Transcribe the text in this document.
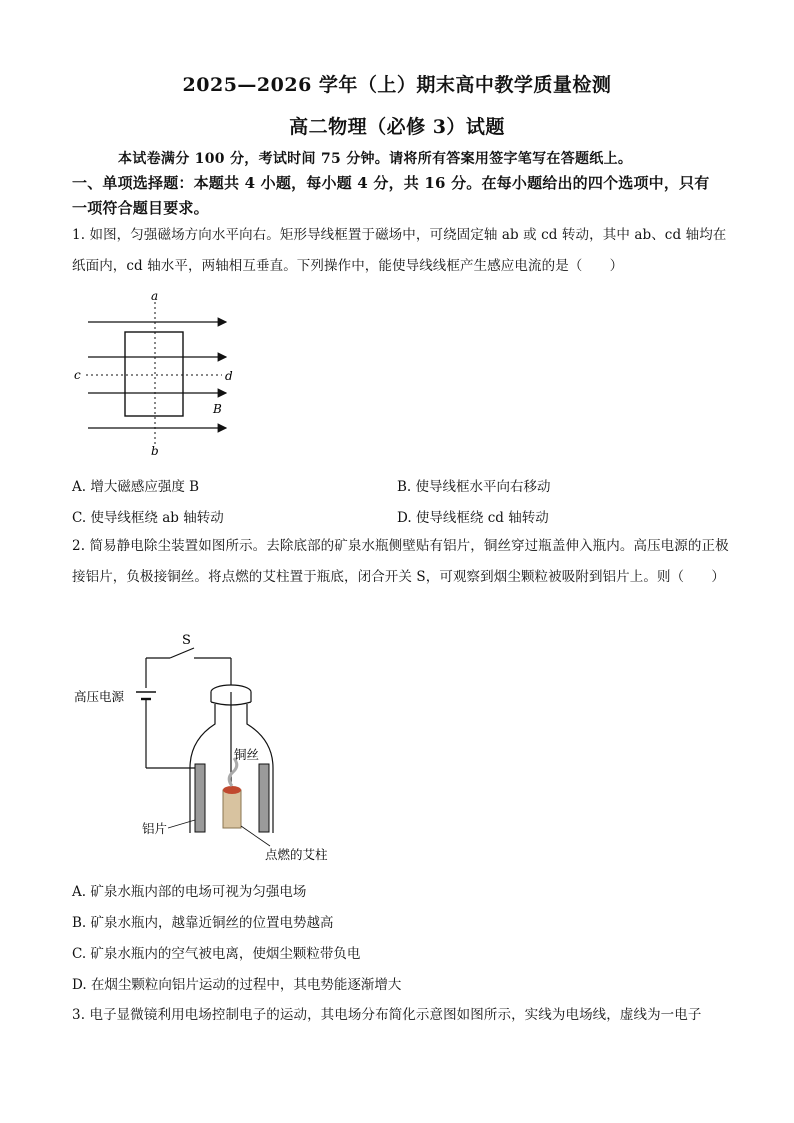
2025—2026 学年（上）期末高中教学质量检测
高二物理（必修 3）试题
本试卷满分 100 分，考试时间 75 分钟。请将所有答案用签字笔写在答题纸上。
一、单项选择题：本题共 4 小题，每小题 4 分，共 16 分。在每小题给出的四个选项中，只有一项符合题目要求。
1. 如图，匀强磁场方向水平向右。矩形导线框置于磁场中，可绕固定轴 ab 或 cd 转动，其中 ab、cd 轴均在纸面内，cd 轴水平，两轴相互垂直。下列操作中，能使导线线框产生感应电流的是（　　）
a
b
c	d
B
A. 增大磁感应强度 B	B. 使导线框水平向右移动
C. 使导线框绕 ab 轴转动	D. 使导线框绕 cd 轴转动
2. 简易静电除尘装置如图所示。去除底部的矿泉水瓶侧壁贴有铝片，铜丝穿过瓶盖伸入瓶内。高压电源的正极接铝片，负极接铜丝。将点燃的艾柱置于瓶底，闭合开关 S，可观察到烟尘颗粒被吸附到铝片上。则（　　）
S
高压电源
铜丝
铝片
点燃的艾柱
A. 矿泉水瓶内部的电场可视为匀强电场
B. 矿泉水瓶内，越靠近铜丝的位置电势越高
C. 矿泉水瓶内的空气被电离，使烟尘颗粒带负电
D. 在烟尘颗粒向铝片运动的过程中，其电势能逐渐增大
3. 电子显微镜利用电场控制电子的运动，其电场分布简化示意图如图所示，实线为电场线，虚线为一电子
